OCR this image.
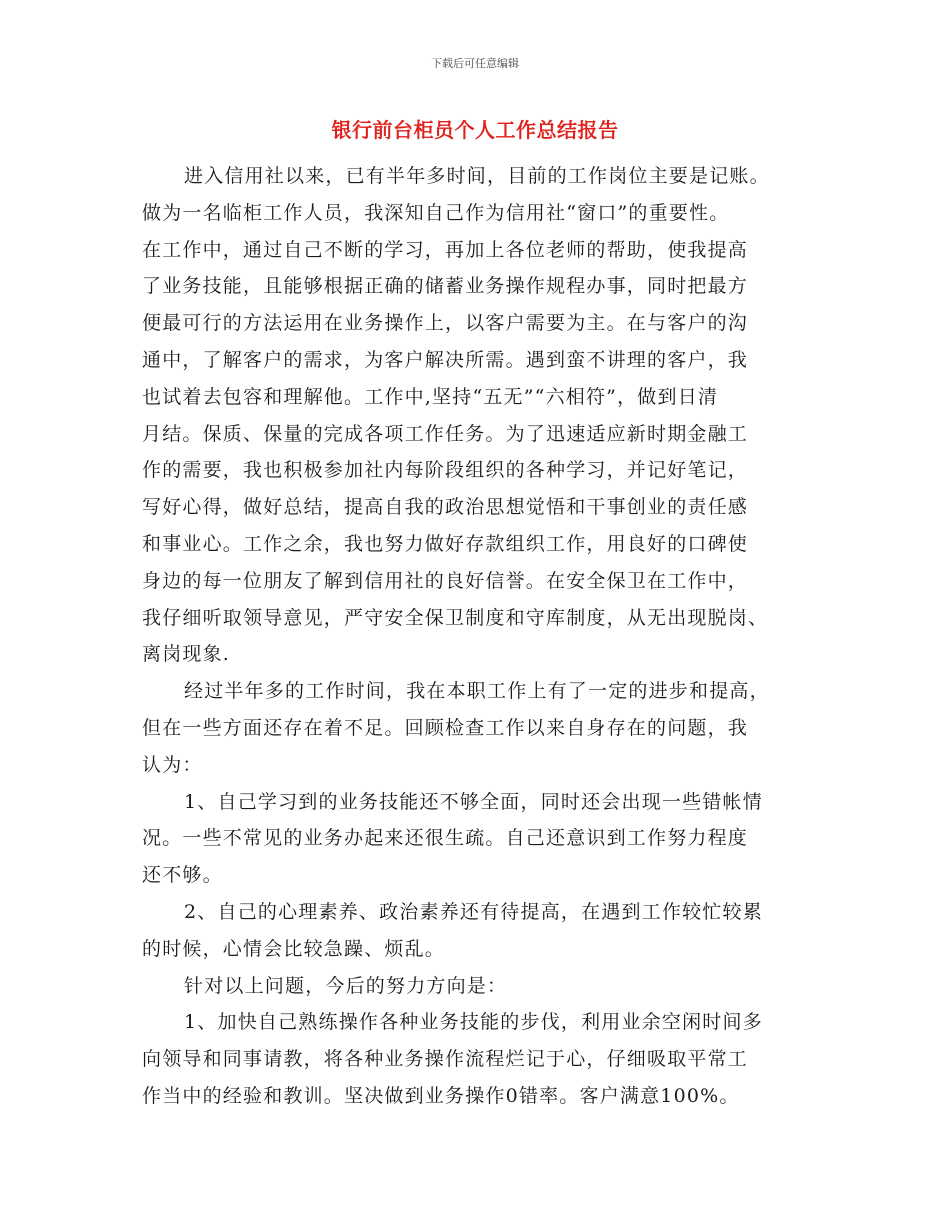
下载后可任意编辑
银行前台柜员个人工作总结报告
进入信用社以来，已有半年多时间，目前的工作岗位主要是记账。
做为一名临柜工作人员，我深知自己作为信用社“窗口”的重要性。
在工作中，通过自己不断的学习，再加上各位老师的帮助，使我提高
了业务技能，且能够根据正确的储蓄业务操作规程办事，同时把最方
便最可行的方法运用在业务操作上，以客户需要为主。在与客户的沟
通中，了解客户的需求，为客户解决所需。遇到蛮不讲理的客户，我
也试着去包容和理解他。工作中,坚持“五无”“六相符”，做到日清
月结。保质、保量的完成各项工作任务。为了迅速适应新时期金融工
作的需要，我也积极参加社内每阶段组织的各种学习，并记好笔记，
写好心得，做好总结，提高自我的政治思想觉悟和干事创业的责任感
和事业心。工作之余，我也努力做好存款组织工作，用良好的口碑使
身边的每一位朋友了解到信用社的良好信誉。在安全保卫在工作中，
我仔细听取领导意见，严守安全保卫制度和守库制度，从无出现脱岗、
离岗现象.
经过半年多的工作时间，我在本职工作上有了一定的进步和提高，
但在一些方面还存在着不足。回顾检查工作以来自身存在的问题，我
认为：
1、自己学习到的业务技能还不够全面，同时还会出现一些错帐情
况。一些不常见的业务办起来还很生疏。自己还意识到工作努力程度
还不够。
2、自己的心理素养、政治素养还有待提高，在遇到工作较忙较累
的时候，心情会比较急躁、烦乱。
针对以上问题，今后的努力方向是：
1、加快自己熟练操作各种业务技能的步伐，利用业余空闲时间多
向领导和同事请教，将各种业务操作流程烂记于心，仔细吸取平常工
作当中的经验和教训。坚决做到业务操作0错率。客户满意100%。
